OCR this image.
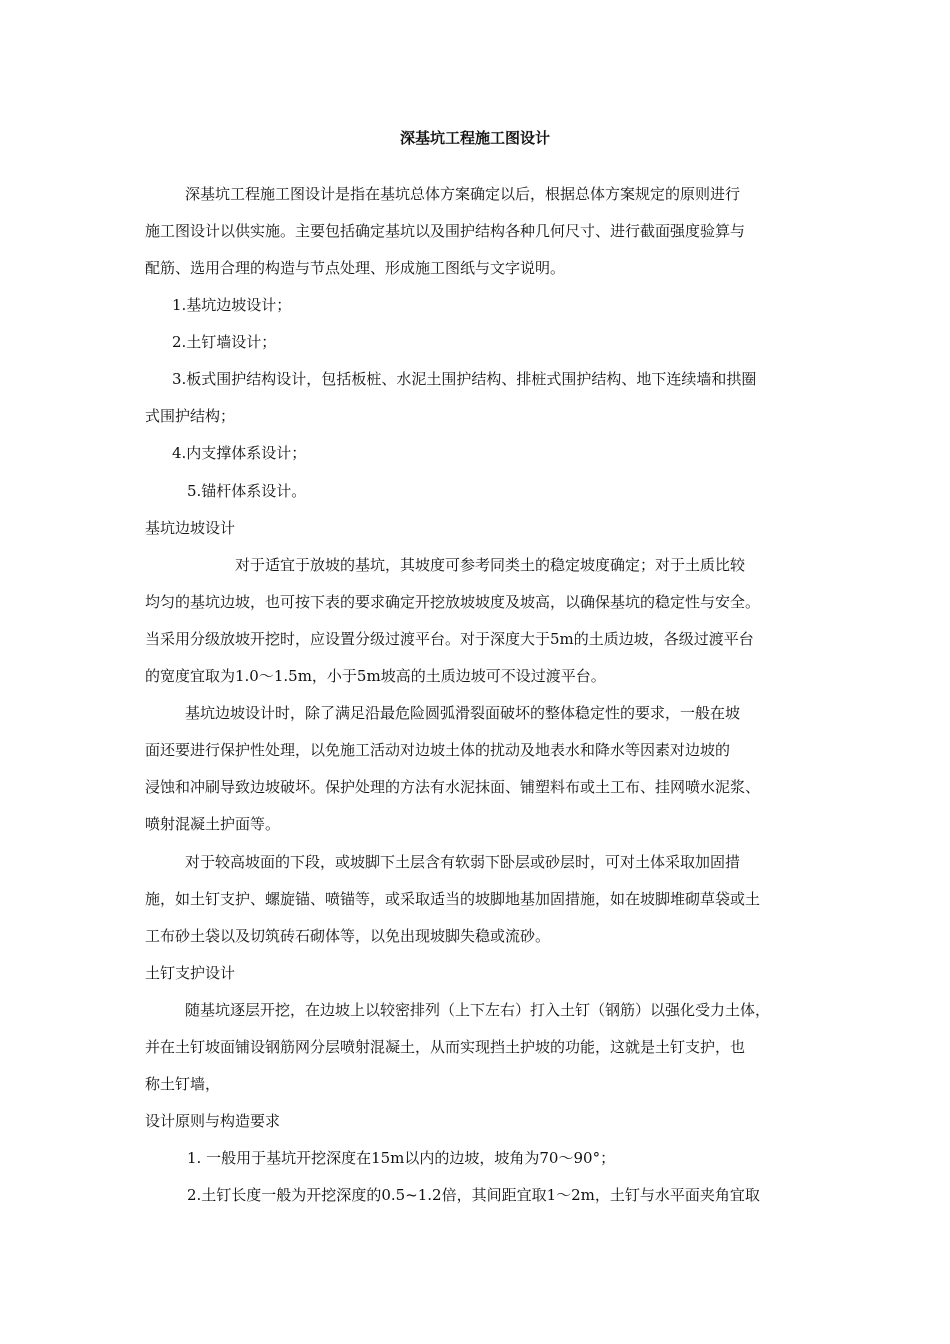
深基坑工程施工图设计
深基坑工程施工图设计是指在基坑总体方案确定以后，根据总体方案规定的原则进行
施工图设计以供实施。主要包括确定基坑以及围护结构各种几何尺寸、进行截面强度验算与
配筋、选用合理的构造与节点处理、形成施工图纸与文字说明。
1.基坑边坡设计；
2.土钉墙设计；
3.板式围护结构设计，包括板桩、水泥土围护结构、排桩式围护结构、地下连续墙和拱圈
式围护结构；
4.内支撑体系设计；
5.锚杆体系设计。
基坑边坡设计
对于适宜于放坡的基坑，其坡度可参考同类土的稳定坡度确定；对于土质比较
均匀的基坑边坡，也可按下表的要求确定开挖放坡坡度及坡高，以确保基坑的稳定性与安全。
当采用分级放坡开挖时，应设置分级过渡平台。对于深度大于5m的土质边坡，各级过渡平台
的宽度宜取为1.0～1.5m，小于5m坡高的土质边坡可不设过渡平台。
基坑边坡设计时，除了满足沿最危险圆弧滑裂面破坏的整体稳定性的要求，一般在坡
面还要进行保护性处理，以免施工活动对边坡土体的扰动及地表水和降水等因素对边坡的
浸蚀和冲刷导致边坡破坏。保护处理的方法有水泥抹面、铺塑料布或土工布、挂网喷水泥浆、
喷射混凝土护面等。
对于较高坡面的下段，或坡脚下土层含有软弱下卧层或砂层时，可对土体采取加固措
施，如土钉支护、螺旋锚、喷锚等，或采取适当的坡脚地基加固措施，如在坡脚堆砌草袋或土
工布砂土袋以及切筑砖石砌体等，以免出现坡脚失稳或流砂。
土钉支护设计
随基坑逐层开挖，在边坡上以较密排列（上下左右）打入土钉（钢筋）以强化受力土体，
并在土钉坡面铺设钢筋网分层喷射混凝土，从而实现挡土护坡的功能，这就是土钉支护，也
称土钉墙，
设计原则与构造要求
1. 一般用于基坑开挖深度在15m以内的边坡，坡角为70～90°；
2.土钉长度一般为开挖深度的0.5~1.2倍，其间距宜取1～2m，土钉与水平面夹角宜取
